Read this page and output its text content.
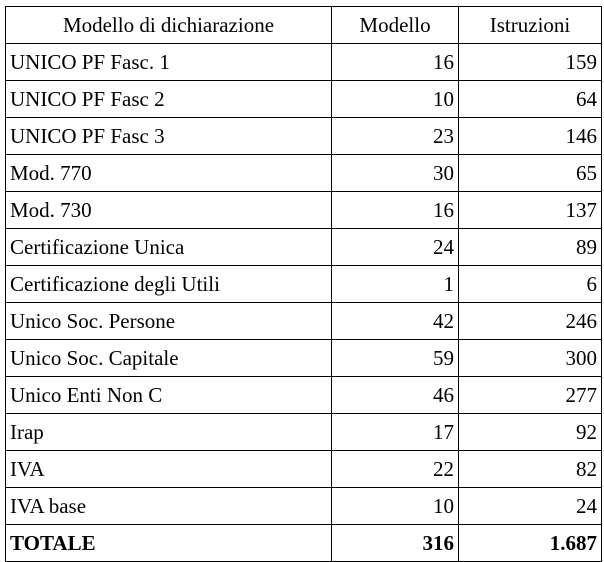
Modello di dichiarazione	Modello	Istruzioni
UNICO PF Fasc. 1	16	159
UNICO PF Fasc 2	10	64
UNICO PF Fasc 3	23	146
Mod. 770	30	65
Mod. 730	16	137
Certificazione Unica	24	89
Certificazione degli Utili	1	6
Unico Soc. Persone	42	246
Unico Soc. Capitale	59	300
Unico Enti Non C	46	277
Irap	17	92
IVA	22	82
IVA base	10	24
TOTALE	316	1.687
